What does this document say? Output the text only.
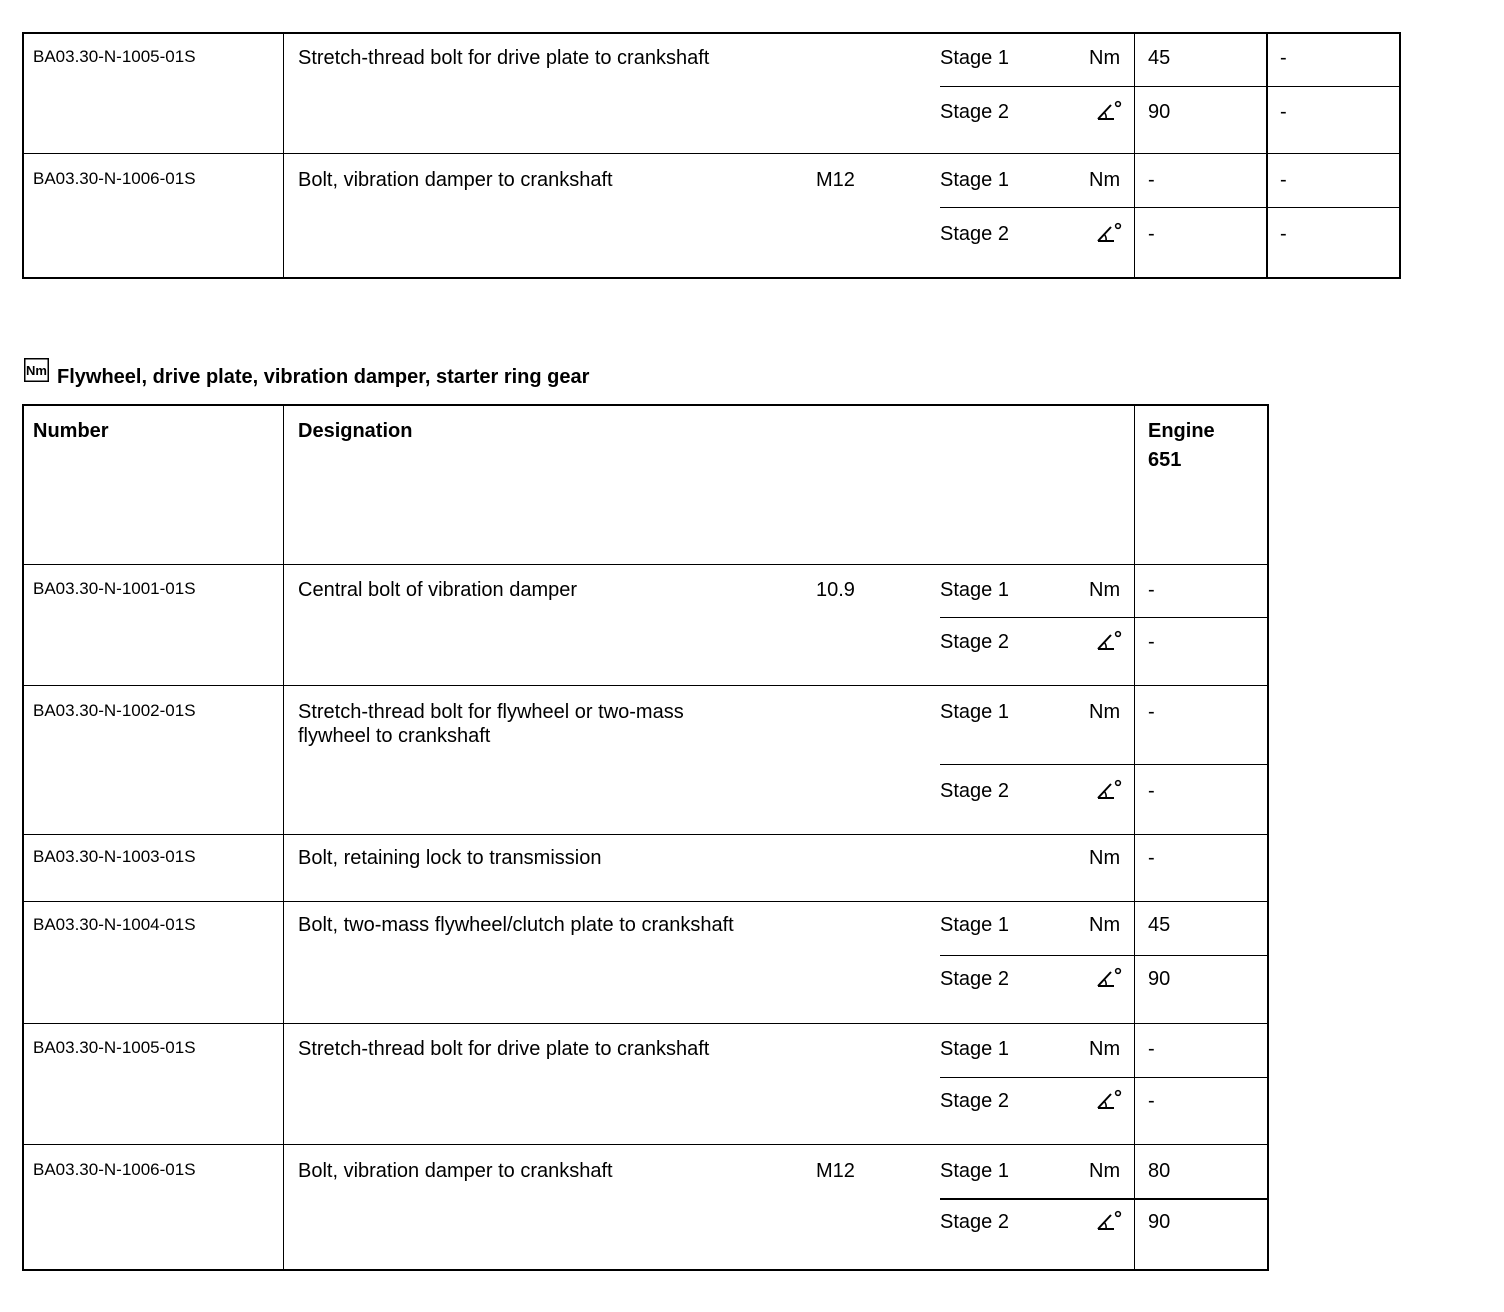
BA03.30-N-1005-01S	Stretch-thread bolt for drive plate to crankshaft	Stage 1	Nm 45	-
Stage 2	90	-
BA03.30-N-1006-01S	Bolt, vibration damper to crankshaft	M12	Stage 1	Nm -	-
Stage 2	-	-
Nm Flywheel, drive plate, vibration damper, starter ring gear
Number	Designation	Engine
651
BA03.30-N-1001-01S	Central bolt of vibration damper	10.9	Stage 1	Nm -
Stage 2	-
BA03.30-N-1002-01S	Stretch-thread bolt for flywheel or two-mass
flywheel to crankshaft
Stage 1	Nm -
Stage 2	-
BA03.30-N-1003-01S	Bolt, retaining lock to transmission	Nm -
BA03.30-N-1004-01S	Bolt, two-mass flywheel/clutch plate to crankshaft	Stage 1	Nm 45
Stage 2	90
BA03.30-N-1005-01S	Stretch-thread bolt for drive plate to crankshaft	Stage 1	Nm -
Stage 2	-
BA03.30-N-1006-01S	Bolt, vibration damper to crankshaft	M12	Stage 1	Nm 80
Stage 2	90
